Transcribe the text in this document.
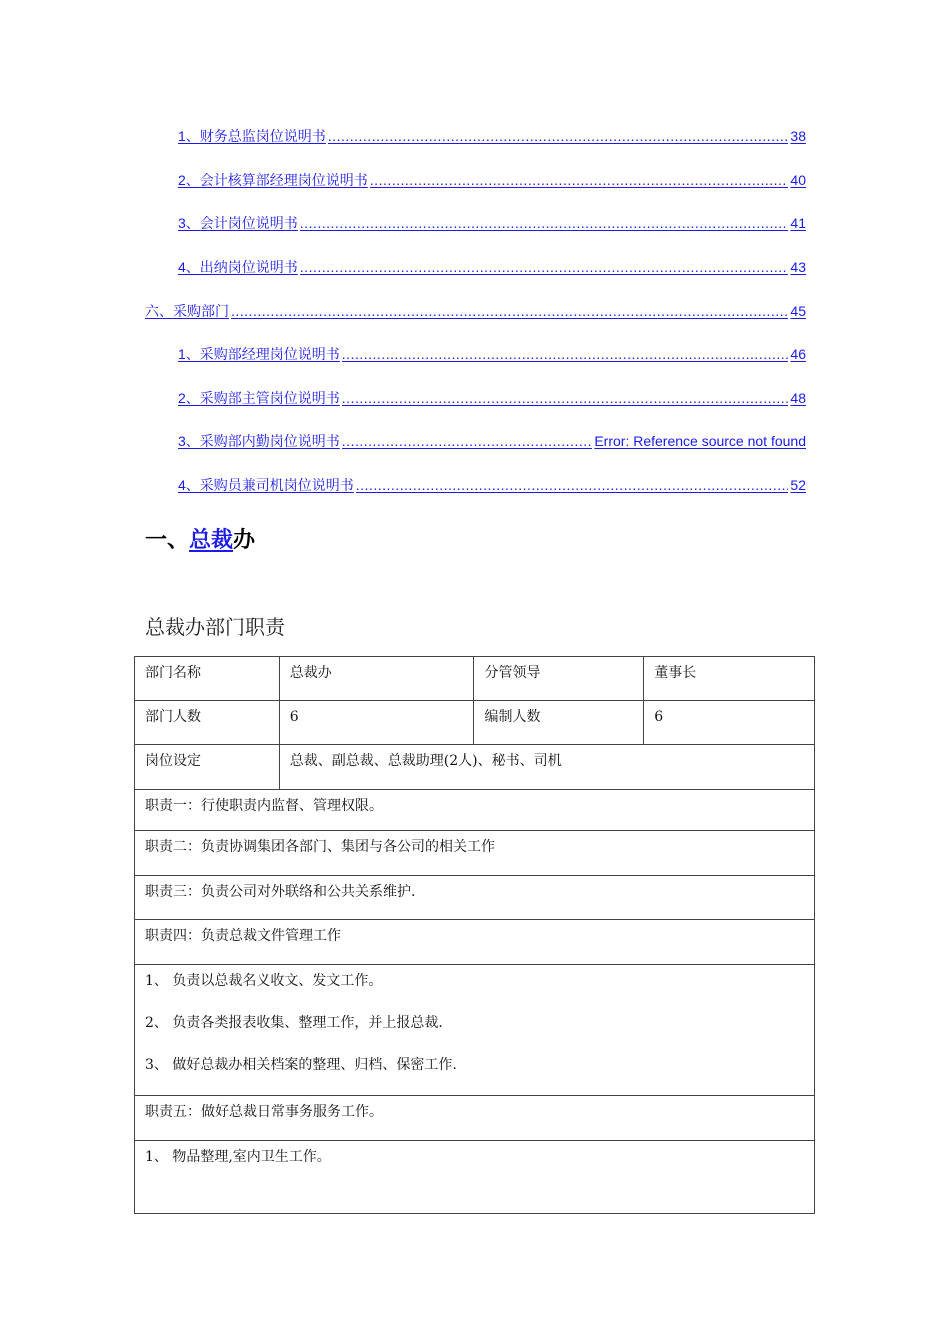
1、财务总监岗位说明书 .....	38
2、会计核算部经理岗位说明书 .....	40
3、会计岗位说明书 .....	41
4、出纳岗位说明书 .....	43
六、采购部门 .....	45
1、采购部经理岗位说明书 .....	46
2、采购部主管岗位说明书 .....	48
3、采购部内勤岗位说明书 .....	Error: Reference source not found
4、采购员兼司机岗位说明书 .....	52
一、总裁办
总裁办部门职责
部门名称	总裁办	分管领导	董事长
部门人数	6	编制人数	6
岗位设定	总裁、副总裁、总裁助理(2人)、秘书、司机		
职责一：行使职责内监督、管理权限。			
职责二：负责协调集团各部门、集团与各公司的相关工作			
职责三：负责公司对外联络和公共关系维护.			
职责四：负责总裁文件管理工作			

1、 负责以总裁名义收文、发文工作。

2、 负责各类报表收集、整理工作，并上报总裁.

3、 做好总裁办相关档案的整理、归档、保密工作.			

职责五：做好总裁日常事务服务工作。			

1、 物品整理,室内卫生工作。			
